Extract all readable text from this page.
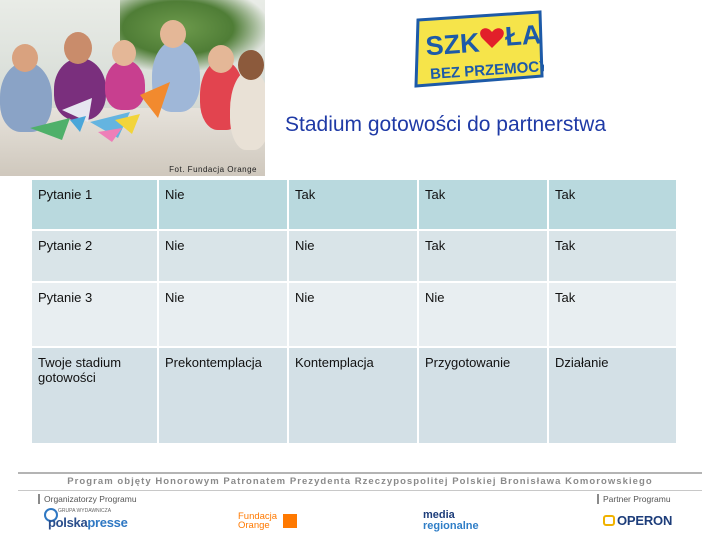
Fot. Fundacja Orange
SZK ŁA
BEZ PRZEMOCY
Stadium gotowości do partnerstwa
Pytanie 1	Nie	Tak	Tak	Tak
Pytanie 2	Nie	Nie	Tak	Tak
Pytanie 3	Nie	Nie	Nie	Tak
Twoje stadium gotowości	Prekontemplacja	Kontemplacja	Przygotowanie	Działanie
Program objęty Honorowym Patronatem Prezydenta Rzeczypospolitej Polskiej Bronisława Komorowskiego
Organizatorzy Programu	Partner Programu
GRUPA WYDAWNICZA
polskapresse	Fundacja
Orange
media
regionalne	OPERON
